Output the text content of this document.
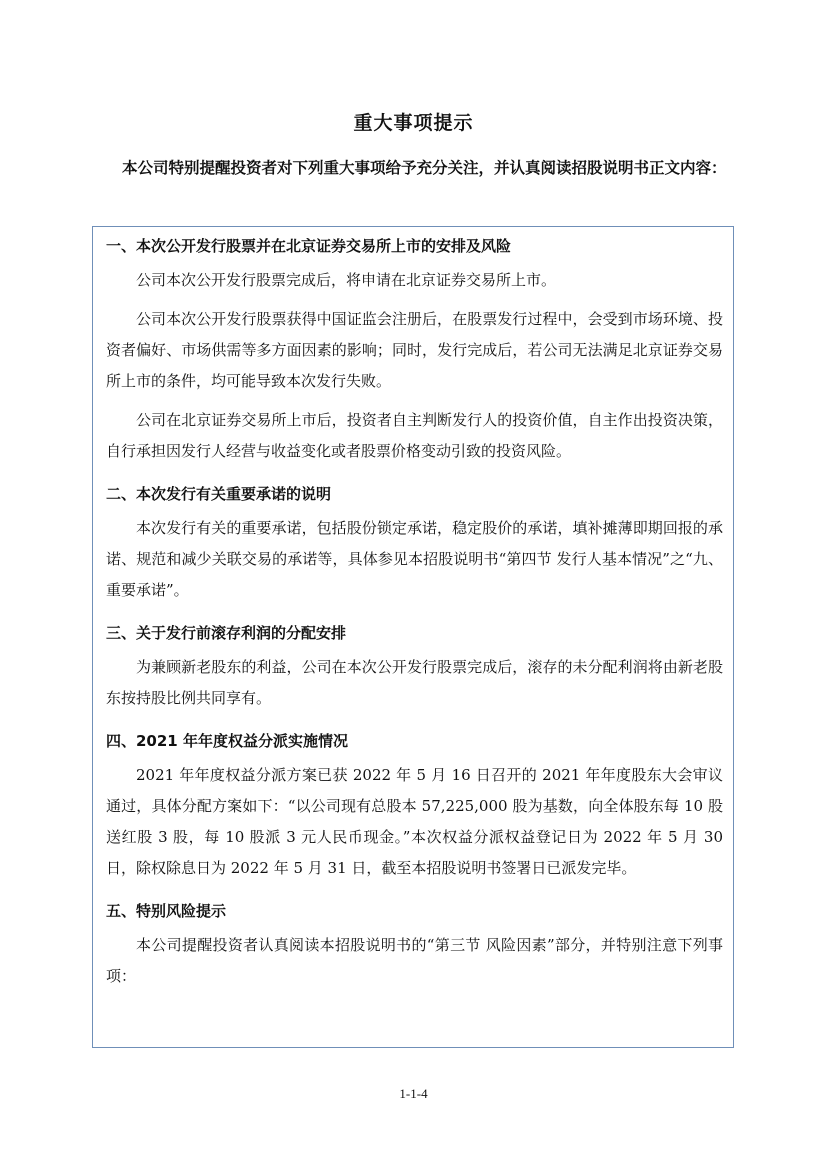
重大事项提示

本公司特别提醒投资者对下列重大事项给予充分关注，并认真阅读招股说明书正文内容：

一、本次公开发行股票并在北京证券交易所上市的安排及风险

公司本次公开发行股票完成后，将申请在北京证券交易所上市。

公司本次公开发行股票获得中国证监会注册后，在股票发行过程中，会受到市场环境、投资者偏好、市场供需等多方面因素的影响；同时，发行完成后，若公司无法满足北京证券交易所上市的条件，均可能导致本次发行失败。

公司在北京证券交易所上市后，投资者自主判断发行人的投资价值，自主作出投资决策，自行承担因发行人经营与收益变化或者股票价格变动引致的投资风险。

二、本次发行有关重要承诺的说明

本次发行有关的重要承诺，包括股份锁定承诺，稳定股价的承诺，填补摊薄即期回报的承诺、规范和减少关联交易的承诺等，具体参见本招股说明书“第四节 发行人基本情况”之“九、重要承诺”。

三、关于发行前滚存利润的分配安排

为兼顾新老股东的利益，公司在本次公开发行股票完成后，滚存的未分配利润将由新老股东按持股比例共同享有。

四、2021 年年度权益分派实施情况

2021 年年度权益分派方案已获 2022 年 5 月 16 日召开的 2021 年年度股东大会审议通过，具体分配方案如下：“以公司现有总股本 57,225,000 股为基数，向全体股东每 10 股送红股 3 股，每 10 股派 3 元人民币现金。”本次权益分派权益登记日为 2022 年 5 月 30 日，除权除息日为 2022 年 5 月 31 日，截至本招股说明书签署日已派发完毕。

五、特别风险提示

本公司提醒投资者认真阅读本招股说明书的“第三节 风险因素”部分，并特别注意下列事项：

1-1-4
